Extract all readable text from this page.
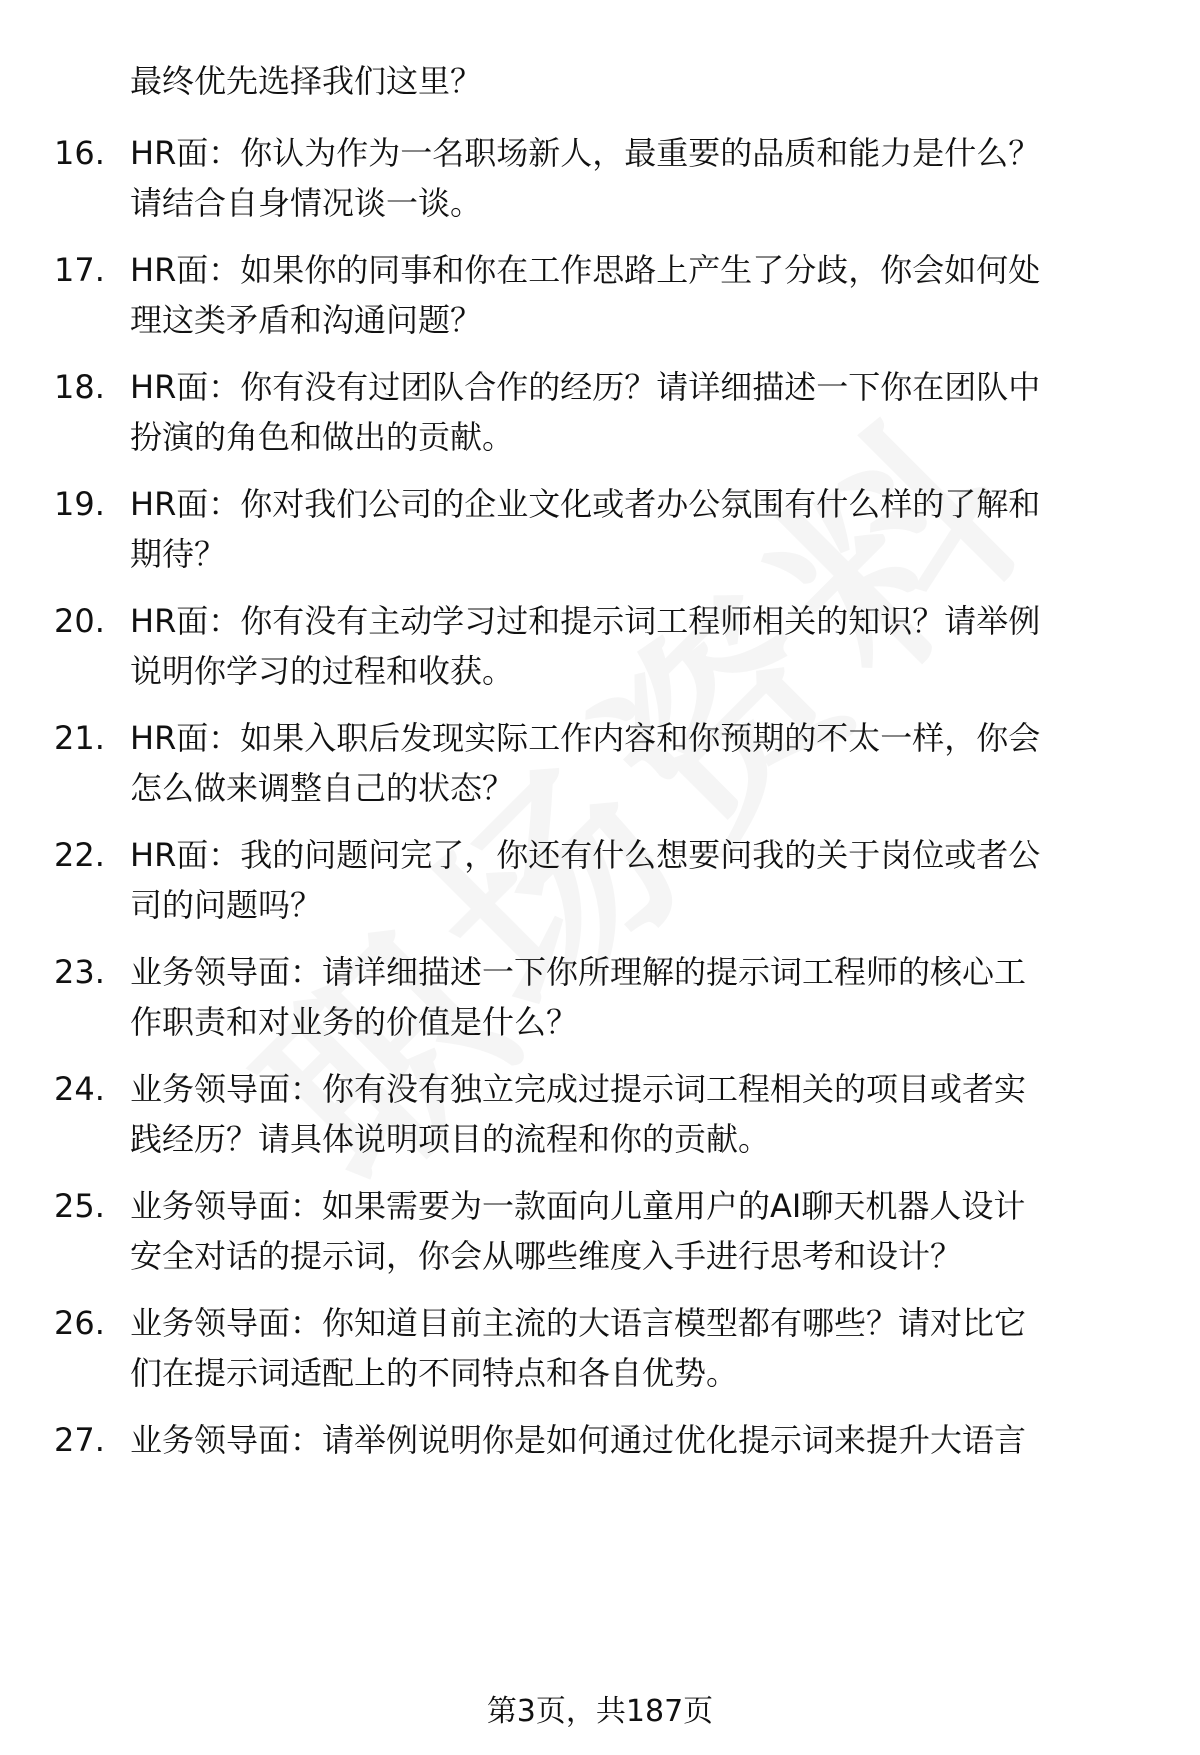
最终优先选择我们这里？
16. HR面：你认为作为一名职场新人，最重要的品质和能力是什么？
请结合自身情况谈一谈。
17. HR面：如果你的同事和你在工作思路上产生了分歧，你会如何处
理这类矛盾和沟通问题？
18. HR面：你有没有过团队合作的经历？请详细描述一下你在团队中
扮演的角色和做出的贡献。
19. HR面：你对我们公司的企业文化或者办公氛围有什么样的了解和
期待？
20. HR面：你有没有主动学习过和提示词工程师相关的知识？请举例
说明你学习的过程和收获。
21. HR面：如果入职后发现实际工作内容和你预期的不太一样，你会
怎么做来调整自己的状态？
22. HR面：我的问题问完了，你还有什么想要问我的关于岗位或者公
司的问题吗？
23. 业务领导面：请详细描述一下你所理解的提示词工程师的核心工
作职责和对业务的价值是什么？
24. 业务领导面：你有没有独立完成过提示词工程相关的项目或者实
践经历？请具体说明项目的流程和你的贡献。
25. 业务领导面：如果需要为一款面向儿童用户的AI聊天机器人设计
安全对话的提示词，你会从哪些维度入手进行思考和设计？
26. 业务领导面：你知道目前主流的大语言模型都有哪些？请对比它
们在提示词适配上的不同特点和各自优势。
27. 业务领导面：请举例说明你是如何通过优化提示词来提升大语言
第3页，共187页
